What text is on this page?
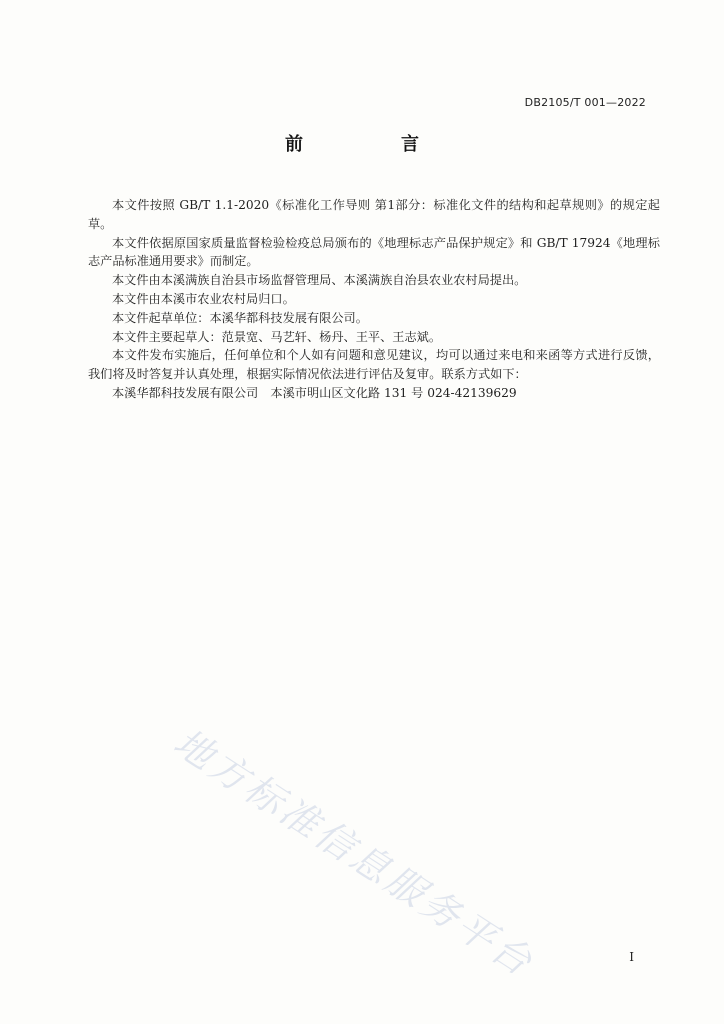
DB2105/T 001—2022
前　言

本文件按照 GB/T 1.1-2020《标准化工作导则 第1部分：标准化文件的结构和起草规则》的规定起草。

本文件依据原国家质量监督检验检疫总局颁布的《地理标志产品保护规定》和 GB/T 17924《地理标志产品标准通用要求》而制定。

本文件由本溪满族自治县市场监督管理局、本溪满族自治县农业农村局提出。

本文件由本溪市农业农村局归口。

本文件起草单位：本溪华都科技发展有限公司。

本文件主要起草人：范景宽、马艺轩、杨丹、王平、王志斌。

本文件发布实施后，任何单位和个人如有问题和意见建议，均可以通过来电和来函等方式进行反馈，我们将及时答复并认真处理，根据实际情况依法进行评估及复审。联系方式如下：

本溪华都科技发展有限公司　本溪市明山区文化路 131 号 024-42139629

地方标准信息服务平台	I
